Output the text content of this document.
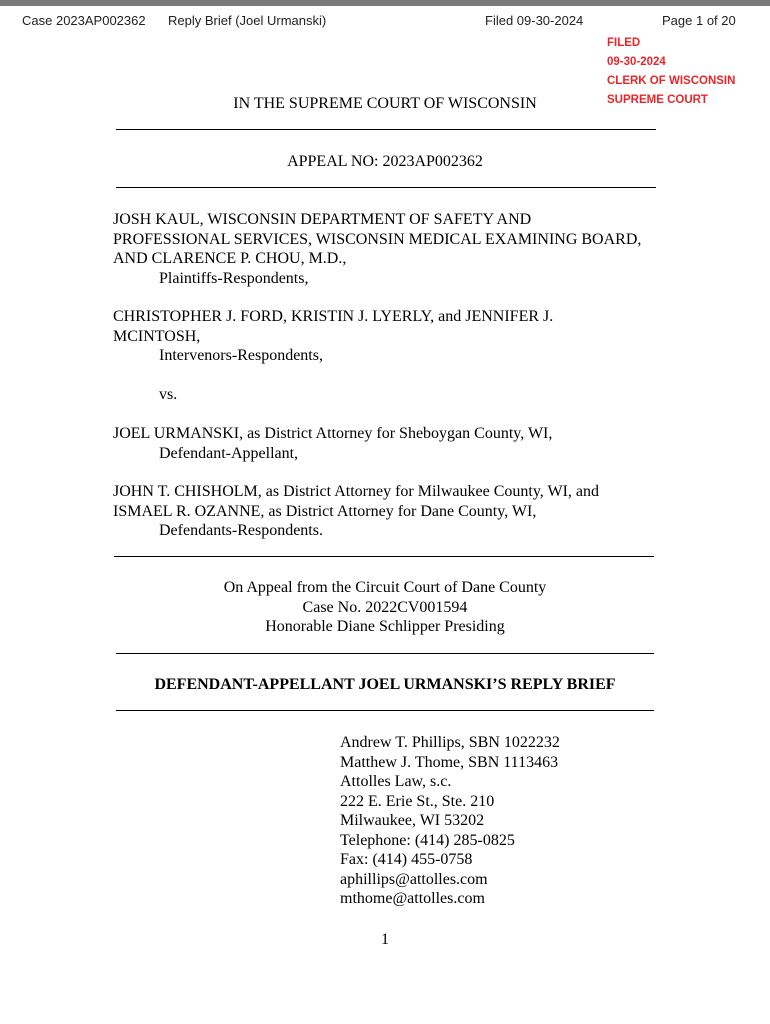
Case 2023AP002362 Reply Brief (Joel Urmanski)	Filed 09-30-2024	Page 1 of 20
FILED
09-30-2024
CLERK OF WISCONSIN
SUPREME COURT
IN THE SUPREME COURT OF WISCONSIN
APPEAL NO: 2023AP002362
JOSH KAUL, WISCONSIN DEPARTMENT OF SAFETY AND
PROFESSIONAL SERVICES, WISCONSIN MEDICAL EXAMINING BOARD,
AND CLARENCE P. CHOU, M.D.,
Plaintiffs-Respondents,
CHRISTOPHER J. FORD, KRISTIN J. LYERLY, and JENNIFER J.
MCINTOSH,
Intervenors-Respondents,
vs.
JOEL URMANSKI, as District Attorney for Sheboygan County, WI,
Defendant-Appellant,
JOHN T. CHISHOLM, as District Attorney for Milwaukee County, WI, and
ISMAEL R. OZANNE, as District Attorney for Dane County, WI,
Defendants-Respondents.
On Appeal from the Circuit Court of Dane County
Case No. 2022CV001594
Honorable Diane Schlipper Presiding
DEFENDANT-APPELLANT JOEL URMANSKI’S REPLY BRIEF
Andrew T. Phillips, SBN 1022232
Matthew J. Thome, SBN 1113463
Attolles Law, s.c.
222 E. Erie St., Ste. 210
Milwaukee, WI 53202
Telephone: (414) 285-0825
Fax: (414) 455-0758
aphillips@attolles.com
mthome@attolles.com
1
